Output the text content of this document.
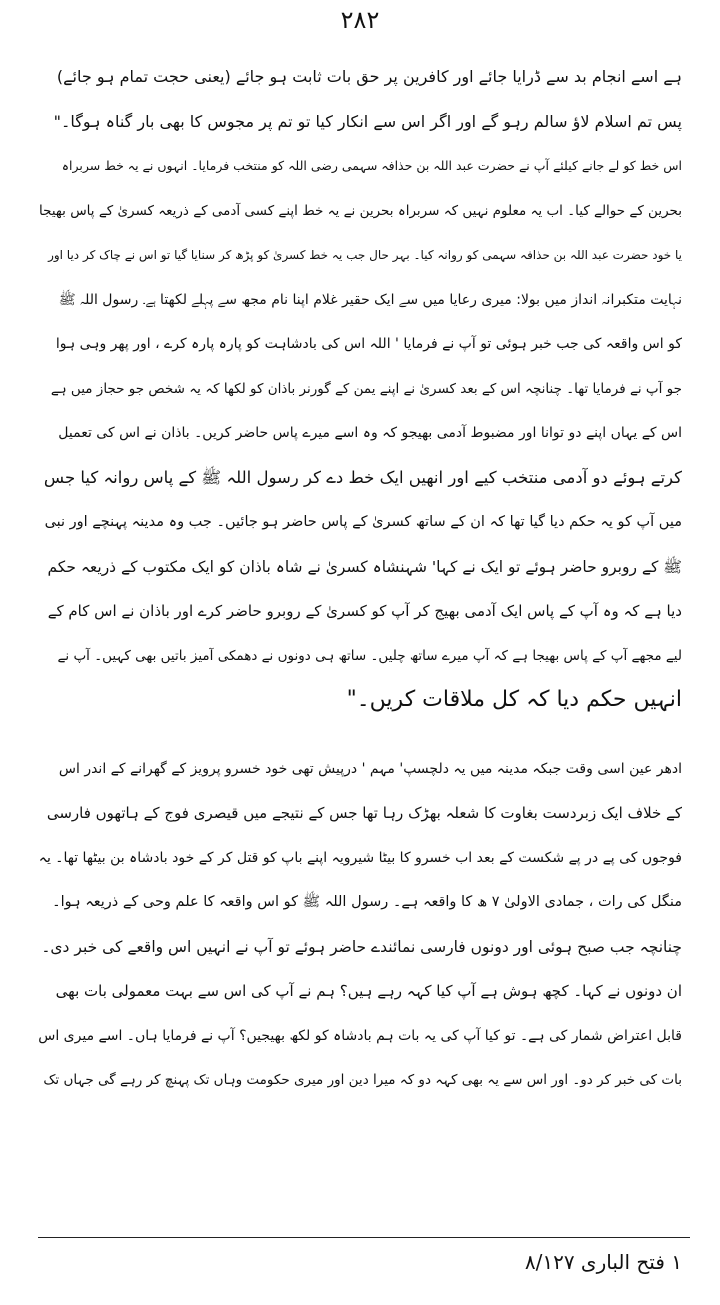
۲۸۲
ہے اسے انجام بد سے ڈرایا جائے اور کافرین پر حق بات ثابت ہو جائے (یعنی حجت تمام ہو جائے)
پس تم اسلام لاؤ سالم رہو گے اور اگر اس سے انکار کیا تو تم پر مجوس کا بھی بار گناہ ہوگا۔"
اس خط کو لے جانے کیلئے آپ نے حضرت عبد اللہ بن حذافہ سہمی رضی اللہ کو منتخب فرمایا۔ انہوں نے یہ خط سربراہ
بحرین کے حوالے کیا۔ اب یہ معلوم نہیں کہ سربراہ بحرین نے یہ خط اپنے کسی آدمی کے ذریعہ کسریٰ کے پاس بھیجا
یا خود حضرت عبد اللہ بن حذافہ سہمی کو روانہ کیا۔ بہر حال جب یہ خط کسریٰ کو پڑھ کر سنایا گیا تو اس نے چاک کر دیا اور
نہایت متکبرانہ انداز میں بولا: میری رعایا میں سے ایک حقیر غلام اپنا نام مجھ سے پہلے لکھتا ہے۔ رسول اللہ ﷺ
کو اس واقعہ کی جب خبر ہوئی تو آپ نے فرمایا ' اللہ اس کی بادشاہت کو پارہ پارہ کرے ، اور پھر وہی ہوا
جو آپ نے فرمایا تھا۔ چنانچہ اس کے بعد کسریٰ نے اپنے یمن کے گورنر باذان کو لکھا کہ یہ شخص جو حجاز میں ہے
اس کے یہاں اپنے دو توانا اور مضبوط آدمی بھیجو کہ وہ اسے میرے پاس حاضر کریں۔ باذان نے اس کی تعمیل
کرتے ہوئے دو آدمی منتخب کیے اور انھیں ایک خط دے کر رسول اللہ ﷺ کے پاس روانہ کیا جس
میں آپ کو یہ حکم دیا گیا تھا کہ ان کے ساتھ کسریٰ کے پاس حاضر ہو جائیں۔ جب وہ مدینہ پہنچے اور نبی
ﷺ کے روبرو حاضر ہوئے تو ایک نے کہا' شہنشاہ کسریٰ نے شاہ باذان کو ایک مکتوب کے ذریعہ حکم
دیا ہے کہ وہ آپ کے پاس ایک آدمی بھیج کر آپ کو کسریٰ کے روبرو حاضر کرے اور باذان نے اس کام کے
لیے مجھے آپ کے پاس بھیجا ہے کہ آپ میرے ساتھ چلیں۔ ساتھ ہی دونوں نے دھمکی آمیز باتیں بھی کہیں۔ آپ نے
انہیں حکم دیا کہ کل ملاقات کریں۔"
ادھر عین اسی وقت جبکہ مدینہ میں یہ دلچسپ' مہم ' درپیش تھی خود خسرو پرویز کے گھرانے کے اندر اس
کے خلاف ایک زبردست بغاوت کا شعلہ بھڑک رہا تھا جس کے نتیجے میں قیصری فوج کے ہاتھوں فارسی
فوجوں کی پے در پے شکست کے بعد اب خسرو کا بیٹا شیرویہ اپنے باپ کو قتل کر کے خود بادشاہ بن بیٹھا تھا۔ یہ
منگل کی رات ، جمادی الاولیٰ ۷ ھ کا واقعہ ہے۔ رسول اللہ ﷺ کو اس واقعہ کا علم وحی کے ذریعہ ہوا۔
چنانچہ جب صبح ہوئی اور دونوں فارسی نمائندے حاضر ہوئے تو آپ نے انہیں اس واقعے کی خبر دی۔
ان دونوں نے کہا۔ کچھ ہوش ہے آپ کیا کہہ رہے ہیں؟ ہم نے آپ کی اس سے بہت معمولی بات بھی
قابل اعتراض شمار کی ہے۔ تو کیا آپ کی یہ بات ہم بادشاہ کو لکھ بھیجیں؟ آپ نے فرمایا ہاں۔ اسے میری اس
بات کی خبر کر دو۔ اور اس سے یہ بھی کہہ دو کہ میرا دین اور میری حکومت وہاں تک پہنچ کر رہے گی جہاں تک
۱ فتح الباری ۸/۱۲۷
